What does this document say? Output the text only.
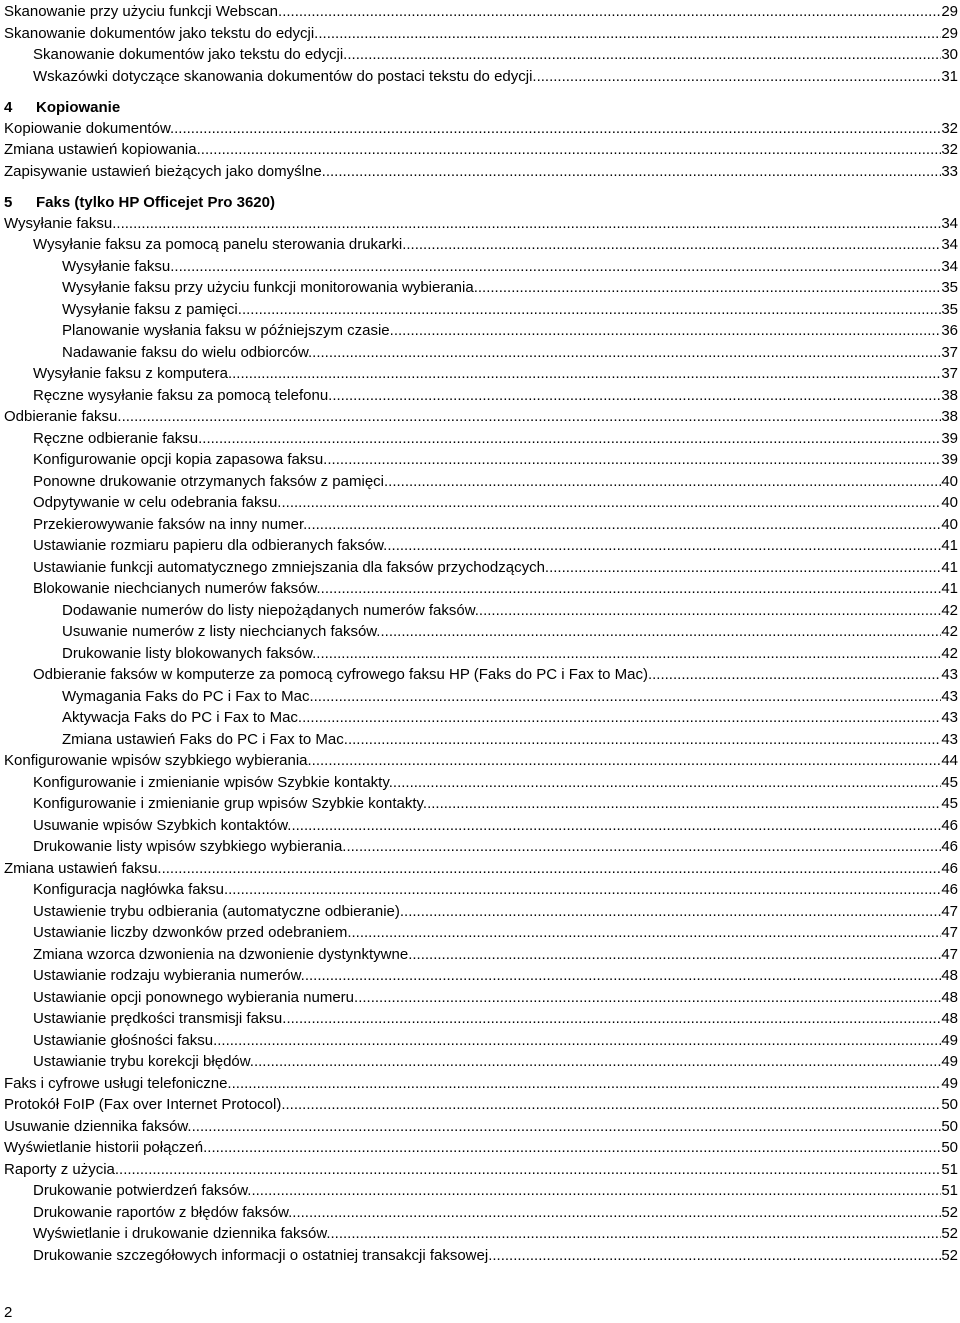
Skanowanie przy użyciu funkcji Webscan. .....	29
Skanowanie dokumentów jako tekstu do edycji. .....	29
Skanowanie dokumentów jako tekstu do edycji. .....	30
Wskazówki dotyczące skanowania dokumentów do postaci tekstu do edycji. .....	31
4 Kopiowanie
Kopiowanie dokumentów. .....	32
Zmiana ustawień kopiowania. .....	32
Zapisywanie ustawień bieżących jako domyślne. .....	33
5 Faks (tylko HP Officejet Pro 3620)
Wysyłanie faksu. .....	34
Wysyłanie faksu za pomocą panelu sterowania drukarki. .....	34
Wysyłanie faksu. .....	34
Wysyłanie faksu przy użyciu funkcji monitorowania wybierania. .....	35
Wysyłanie faksu z pamięci. .....	35
Planowanie wysłania faksu w późniejszym czasie. .....	36
Nadawanie faksu do wielu odbiorców. .....	37
Wysyłanie faksu z komputera. .....	37
Ręczne wysyłanie faksu za pomocą telefonu. .....	38
Odbieranie faksu. .....	38
Ręczne odbieranie faksu. .....	39
Konfigurowanie opcji kopia zapasowa faksu. .....	39
Ponowne drukowanie otrzymanych faksów z pamięci. .....	40
Odpytywanie w celu odebrania faksu. .....	40
Przekierowywanie faksów na inny numer. .....	40
Ustawianie rozmiaru papieru dla odbieranych faksów. .....	41
Ustawianie funkcji automatycznego zmniejszania dla faksów przychodzących. .....	41
Blokowanie niechcianych numerów faksów. .....	41
Dodawanie numerów do listy niepożądanych numerów faksów. .....	42
Usuwanie numerów z listy niechcianych faksów. .....	42
Drukowanie listy blokowanych faksów. .....	42
Odbieranie faksów w komputerze za pomocą cyfrowego faksu HP (Faks do PC i Fax to Mac). .....	43
Wymagania Faks do PC i Fax to Mac. .....	43
Aktywacja Faks do PC i Fax to Mac. .....	43
Zmiana ustawień Faks do PC i Fax to Mac. .....	43
Konfigurowanie wpisów szybkiego wybierania. .....	44
Konfigurowanie i zmienianie wpisów Szybkie kontakty. .....	45
Konfigurowanie i zmienianie grup wpisów Szybkie kontakty. .....	45
Usuwanie wpisów Szybkich kontaktów. .....	46
Drukowanie listy wpisów szybkiego wybierania. .....	46
Zmiana ustawień faksu. .....	46
Konfiguracja nagłówka faksu. .....	46
Ustawienie trybu odbierania (automatyczne odbieranie). .....	47
Ustawianie liczby dzwonków przed odebraniem. .....	47
Zmiana wzorca dzwonienia na dzwonienie dystynktywne. .....	47
Ustawianie rodzaju wybierania numerów. .....	48
Ustawianie opcji ponownego wybierania numeru. .....	48
Ustawianie prędkości transmisji faksu. .....	48
Ustawianie głośności faksu. .....	49
Ustawianie trybu korekcji błędów. .....	49
Faks i cyfrowe usługi telefoniczne. .....	49
Protokół FoIP (Fax over Internet Protocol). .....	50
Usuwanie dziennika faksów. .....	50
Wyświetlanie historii połączeń. .....	50
Raporty z użycia. .....	51
Drukowanie potwierdzeń faksów. .....	51
Drukowanie raportów z błędów faksów. .....	52
Wyświetlanie i drukowanie dziennika faksów. .....	52
Drukowanie szczegółowych informacji o ostatniej transakcji faksowej. .....	52
2
